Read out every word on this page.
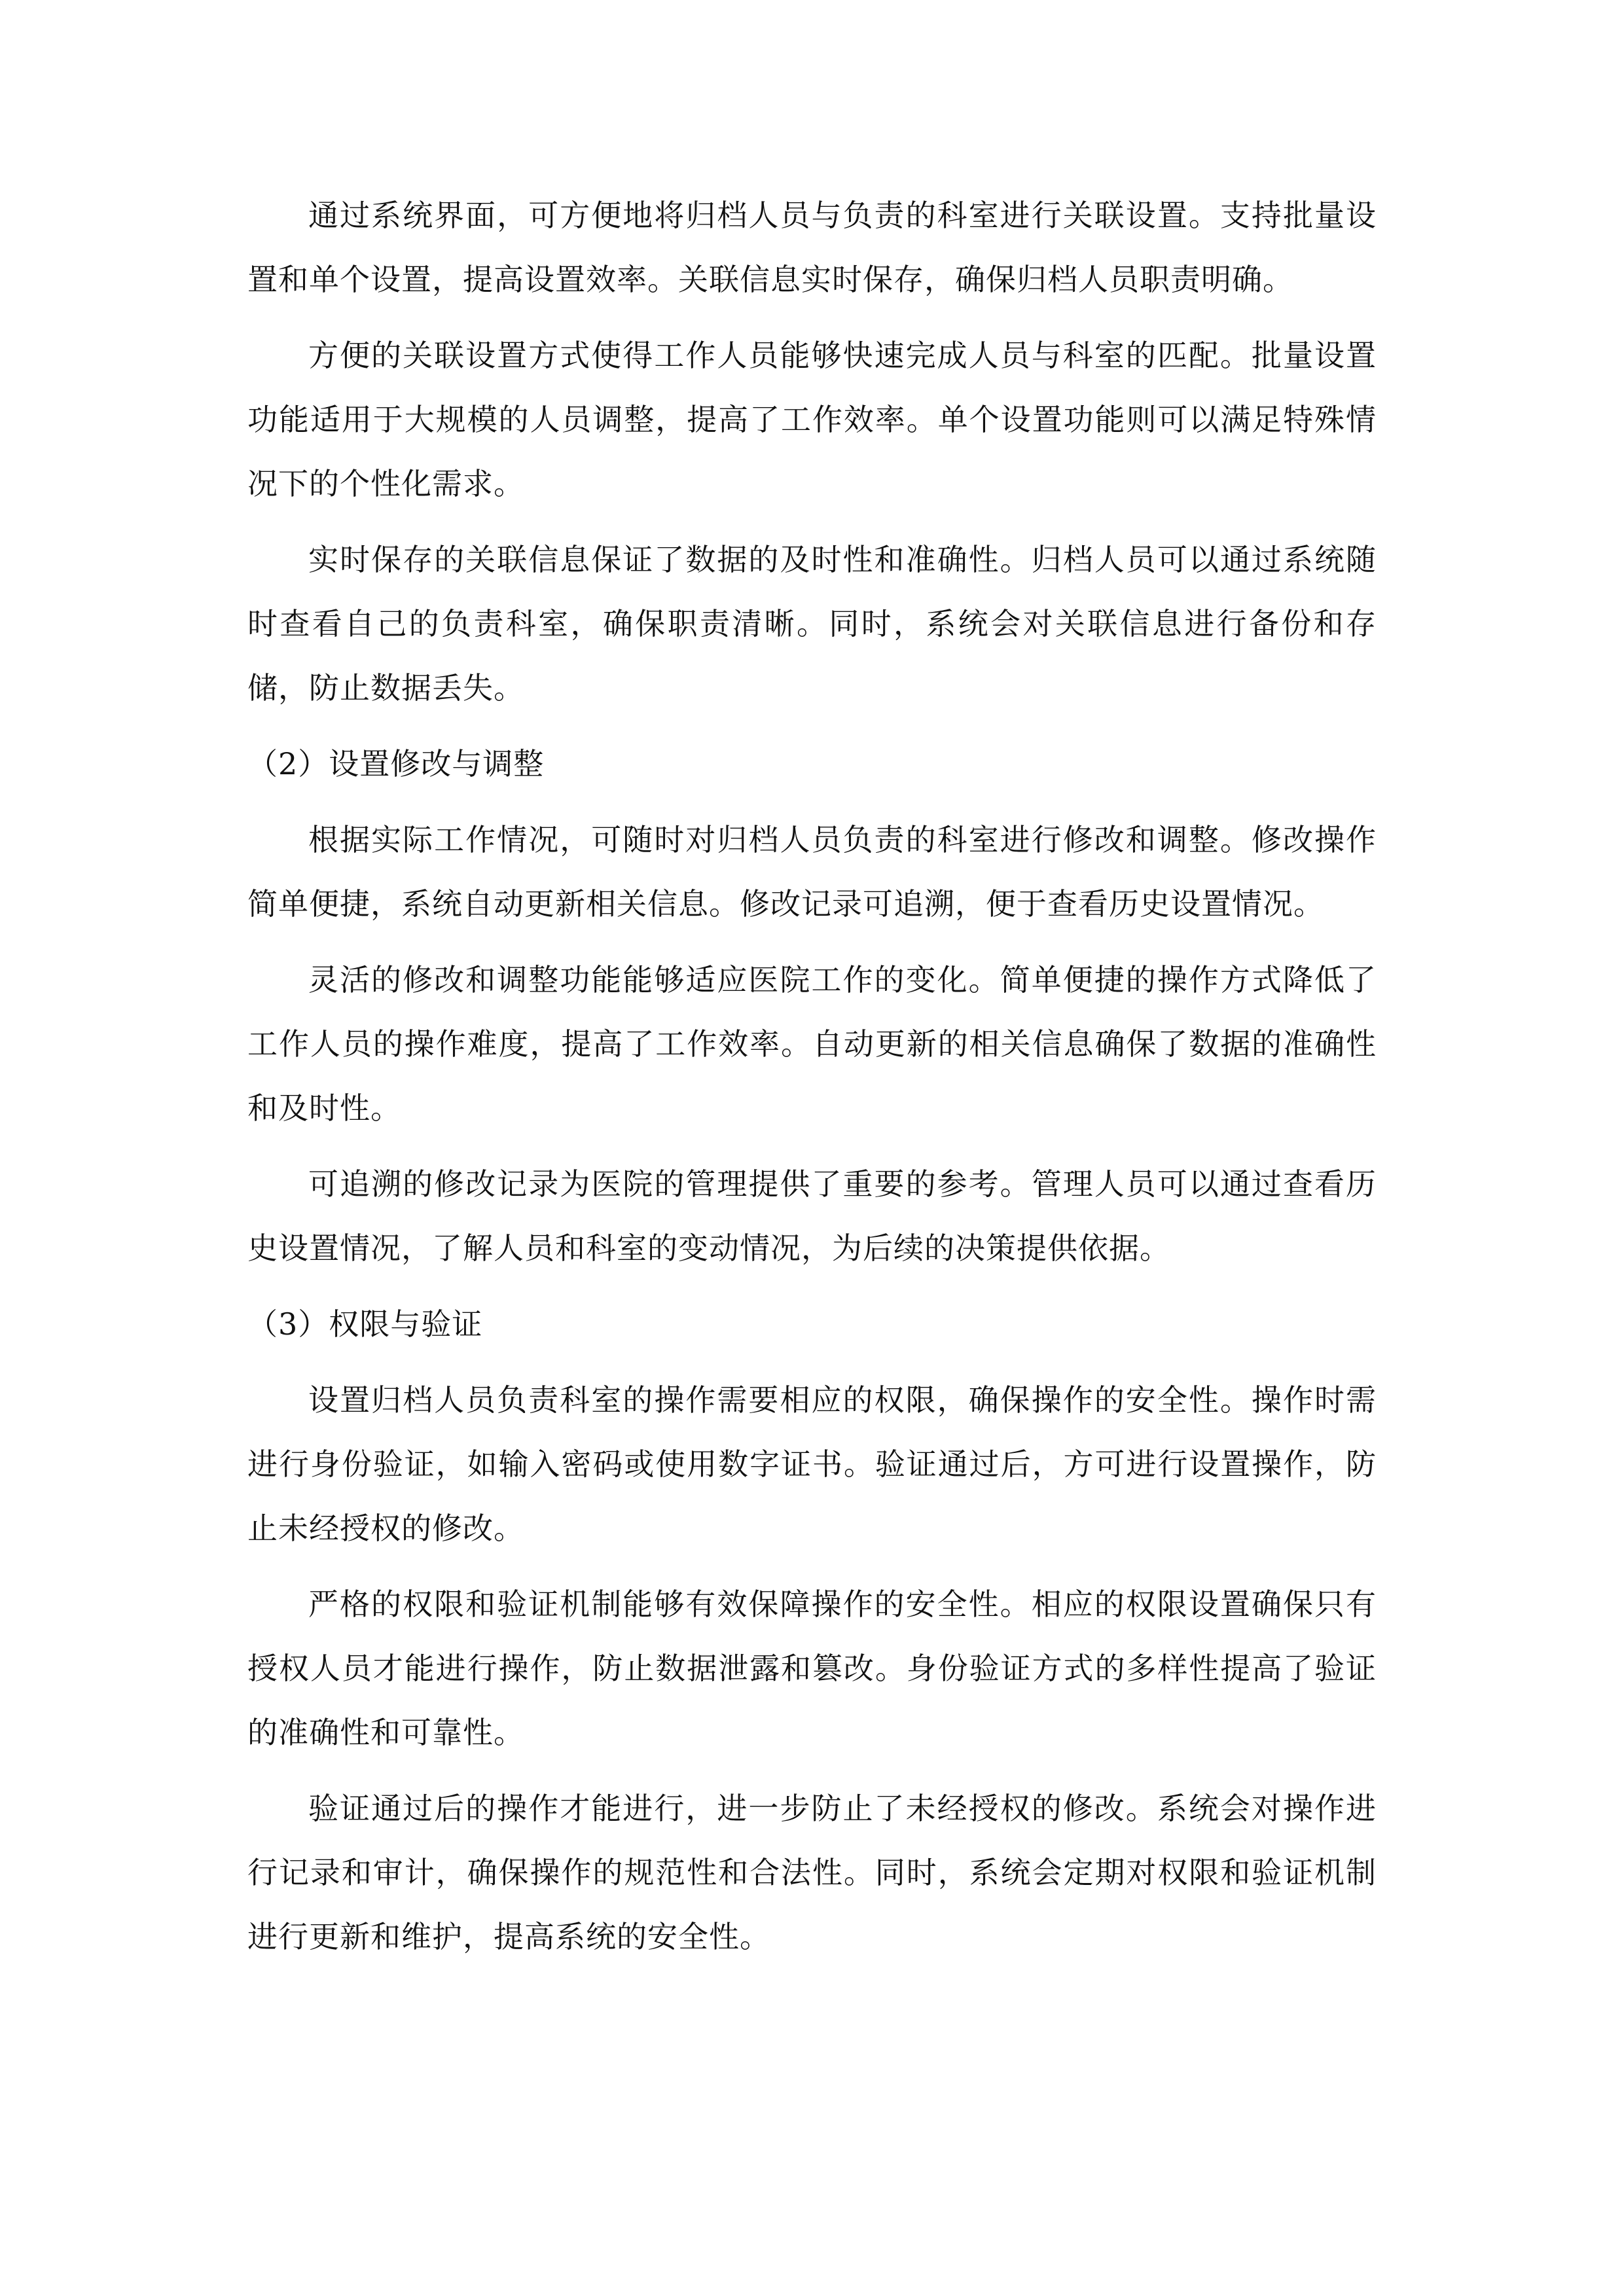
通过系统界面，可方便地将归档人员与负责的科室进行关联设置。支持批量设置和单个设置，提高设置效率。关联信息实时保存，确保归档人员职责明确。

方便的关联设置方式使得工作人员能够快速完成人员与科室的匹配。批量设置功能适用于大规模的人员调整，提高了工作效率。单个设置功能则可以满足特殊情况下的个性化需求。

实时保存的关联信息保证了数据的及时性和准确性。归档人员可以通过系统随时查看自己的负责科室，确保职责清晰。同时，系统会对关联信息进行备份和存储，防止数据丢失。

（2）设置修改与调整

根据实际工作情况，可随时对归档人员负责的科室进行修改和调整。修改操作简单便捷，系统自动更新相关信息。修改记录可追溯，便于查看历史设置情况。

灵活的修改和调整功能能够适应医院工作的变化。简单便捷的操作方式降低了工作人员的操作难度，提高了工作效率。自动更新的相关信息确保了数据的准确性和及时性。

可追溯的修改记录为医院的管理提供了重要的参考。管理人员可以通过查看历史设置情况，了解人员和科室的变动情况，为后续的决策提供依据。

（3）权限与验证

设置归档人员负责科室的操作需要相应的权限，确保操作的安全性。操作时需进行身份验证，如输入密码或使用数字证书。验证通过后，方可进行设置操作，防止未经授权的修改。

严格的权限和验证机制能够有效保障操作的安全性。相应的权限设置确保只有授权人员才能进行操作，防止数据泄露和篡改。身份验证方式的多样性提高了验证的准确性和可靠性。

验证通过后的操作才能进行，进一步防止了未经授权的修改。系统会对操作进行记录和审计，确保操作的规范性和合法性。同时，系统会定期对权限和验证机制进行更新和维护，提高系统的安全性。
